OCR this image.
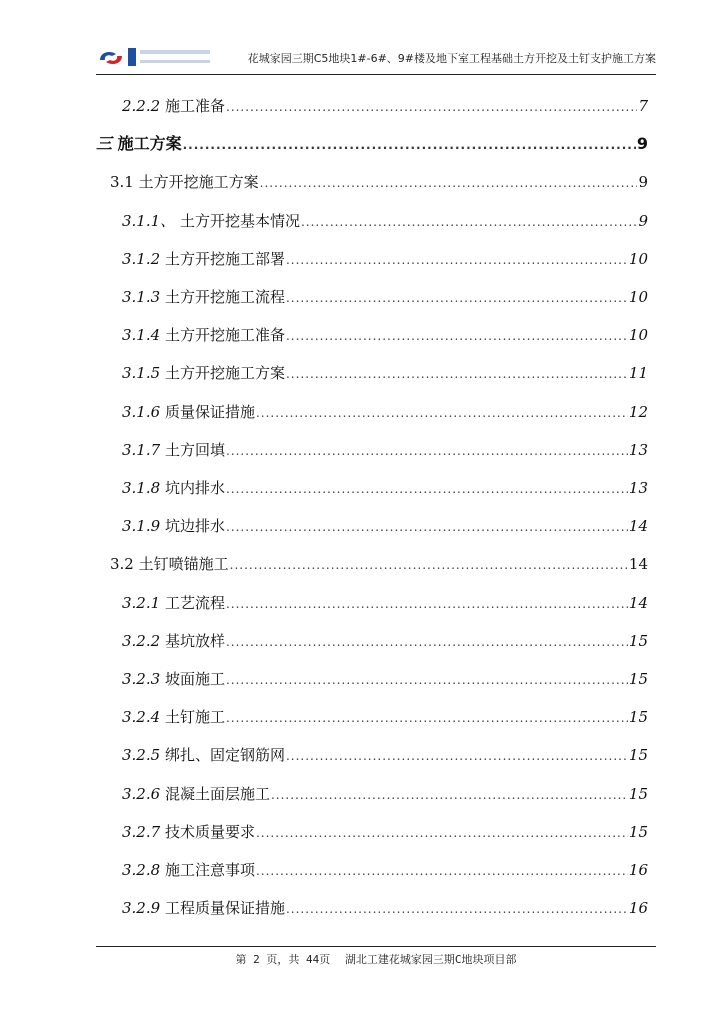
花城家园三期C5地块1#-6#、9#楼及地下室工程基础土方开挖及土钉支护施工方案
2.2.2 施工准备 .....	7
三 施工方案 .....	9
3.1 土方开挖施工方案 .....	9
3.1.1、 土方开挖基本情况 .....	9
3.1.2 土方开挖施工部署 .....	10
3.1.3 土方开挖施工流程 .....	10
3.1.4 土方开挖施工准备 .....	10
3.1.5 土方开挖施工方案 .....	11
3.1.6 质量保证措施 .....	12
3.1.7 土方回填 .....	13
3.1.8 坑内排水 .....	13
3.1.9 坑边排水 .....	14
3.2 土钉喷锚施工 .....	14
3.2.1 工艺流程 .....	14
3.2.2 基坑放样 .....	15
3.2.3 坡面施工 .....	15
3.2.4 土钉施工 .....	15
3.2.5 绑扎、固定钢筋网 .....	15
3.2.6 混凝土面层施工 .....	15
3.2.7 技术质量要求 .....	15
3.2.8 施工注意事项 .....	16
3.2.9 工程质量保证措施 .....	16
第 2 页，共 44页 湖北工建花城家园三期C地块项目部
